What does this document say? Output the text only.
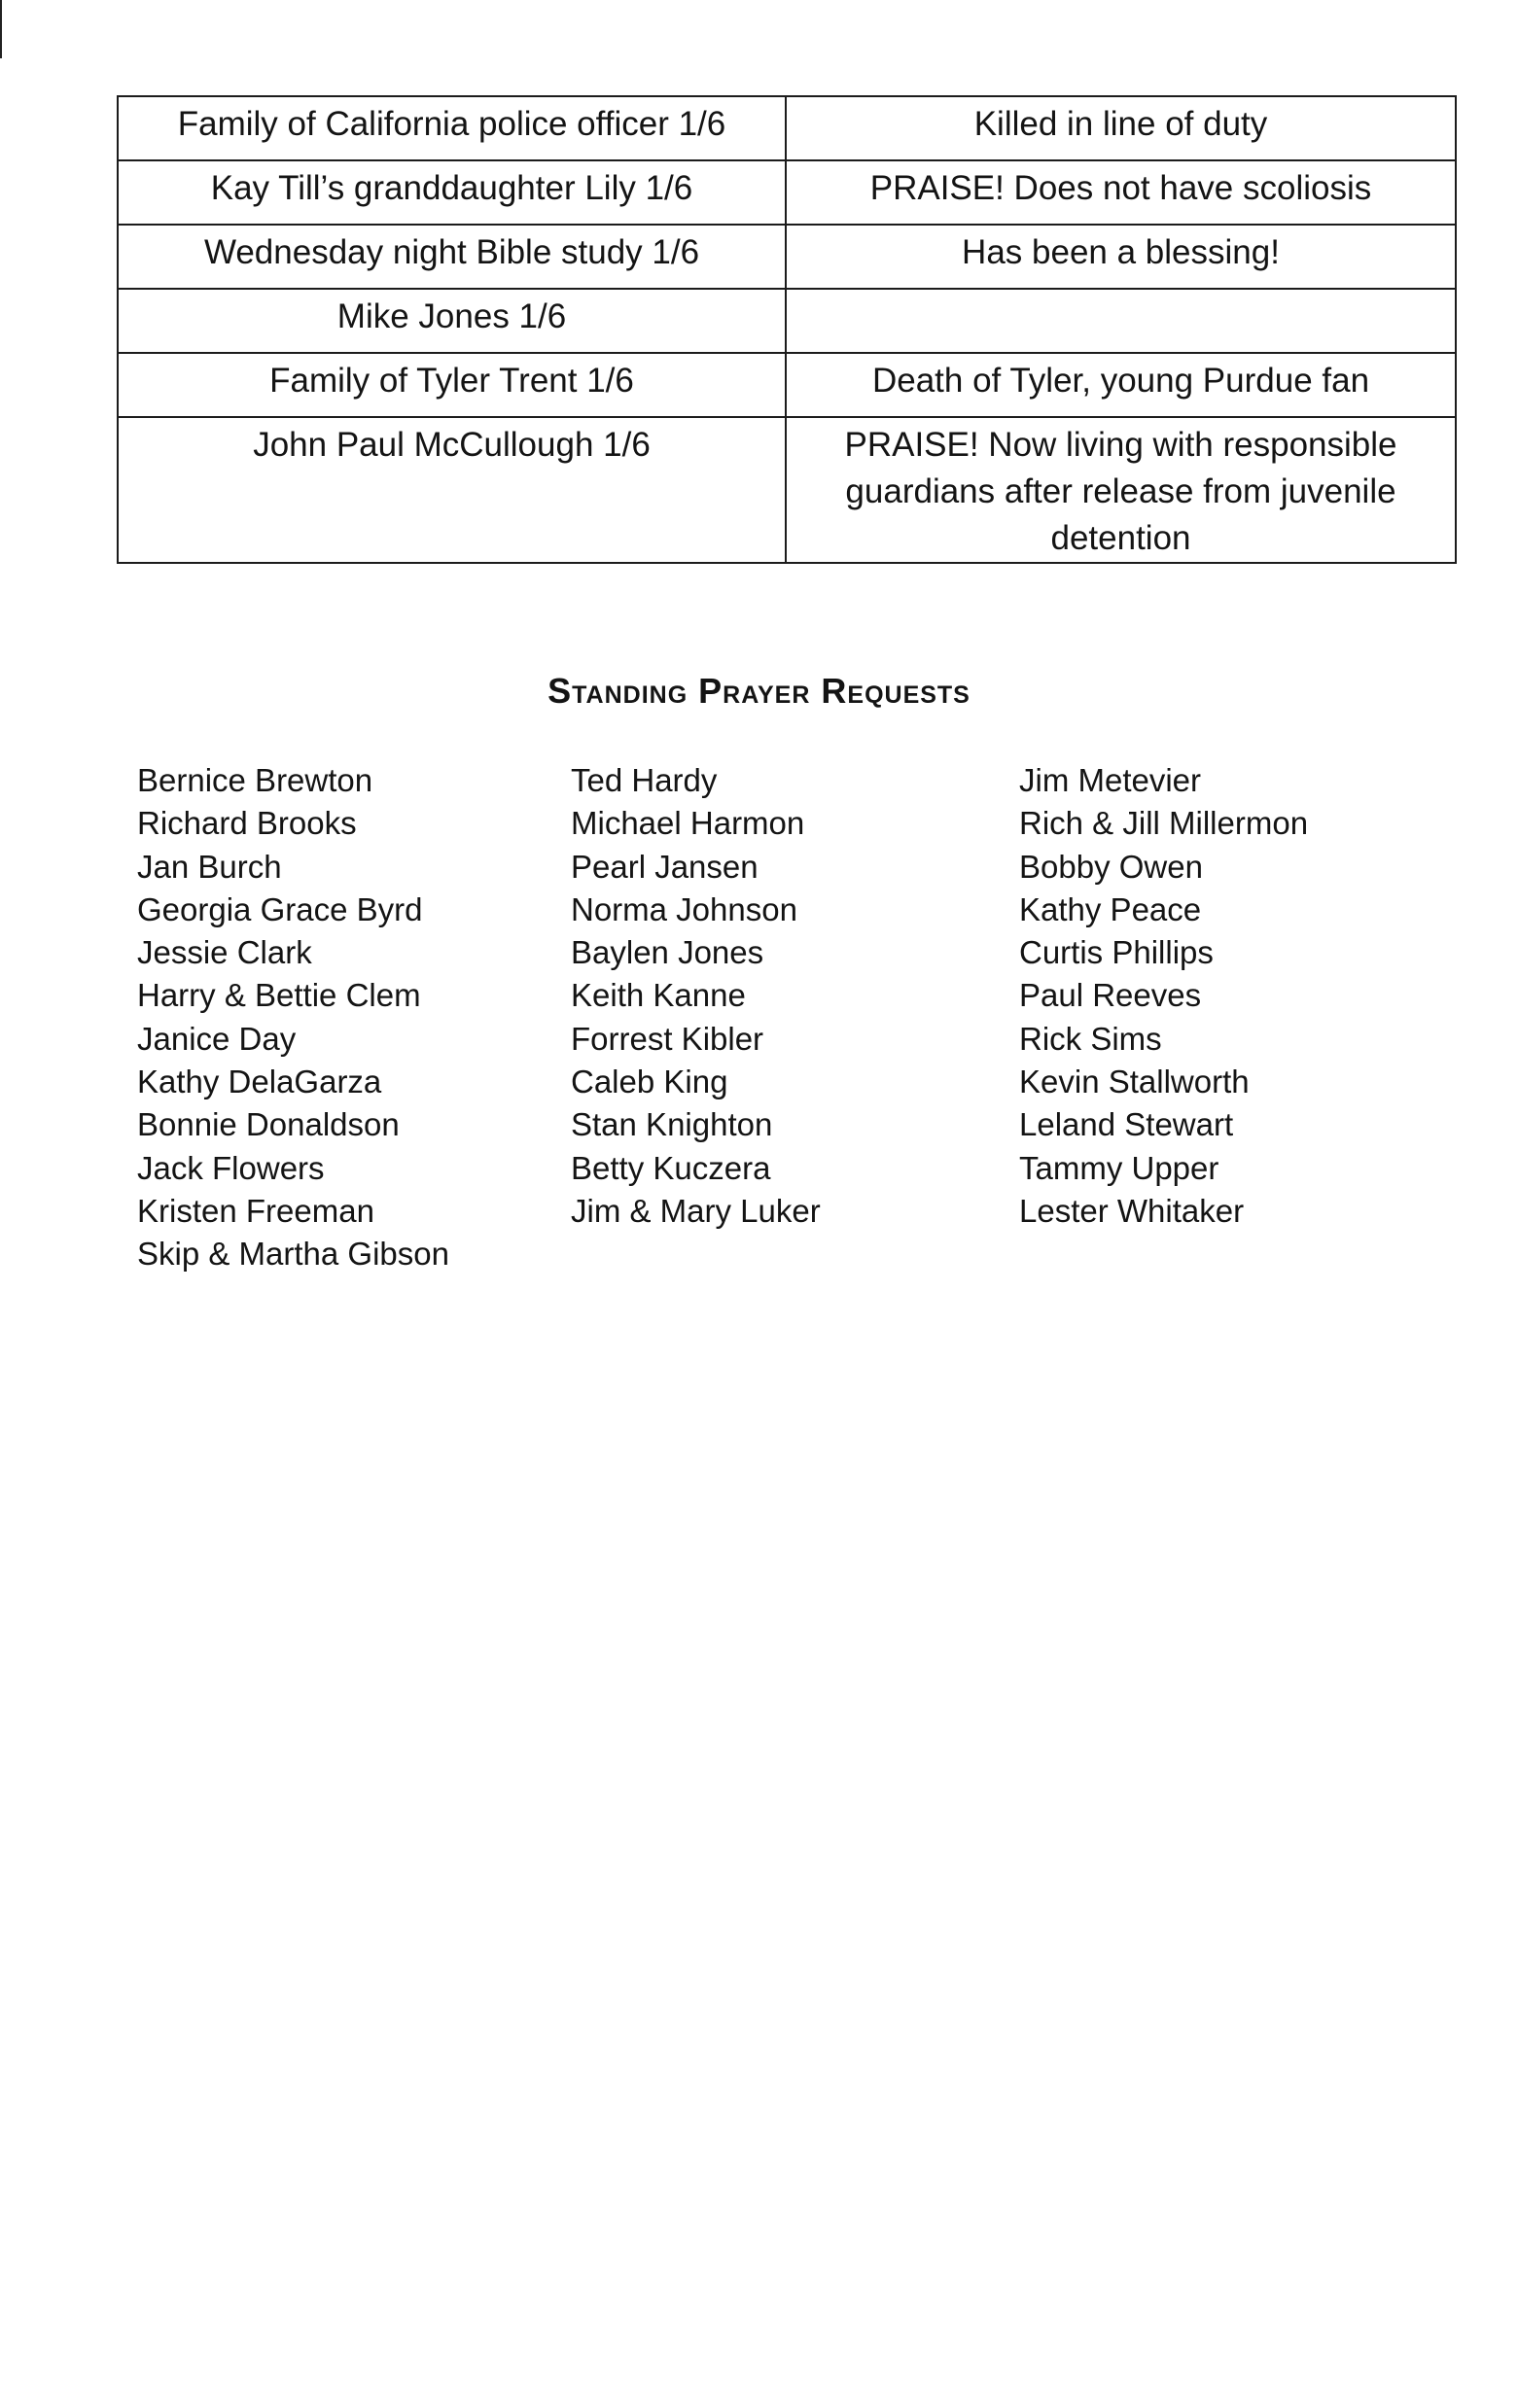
Family of California police officer 1/6	Killed in line of duty
Kay Till’s granddaughter Lily 1/6	PRAISE! Does not have scoliosis
Wednesday night Bible study 1/6	Has been a blessing!
Mike Jones 1/6	
Family of Tyler Trent 1/6	Death of Tyler, young Purdue fan
John Paul McCullough 1/6	PRAISE! Now living with responsible guardians after release from juvenile detention
Standing Prayer Requests
Bernice Brewton
Richard Brooks
Jan Burch
Georgia Grace Byrd
Jessie Clark
Harry & Bettie Clem
Janice Day
Kathy DelaGarza
Bonnie Donaldson
Jack Flowers
Kristen Freeman
Skip & Martha Gibson
Ted Hardy
Michael Harmon
Pearl Jansen
Norma Johnson
Baylen Jones
Keith Kanne
Forrest Kibler
Caleb King
Stan Knighton
Betty Kuczera
Jim & Mary Luker
Jim Metevier
Rich & Jill Millermon
Bobby Owen
Kathy Peace
Curtis Phillips
Paul Reeves
Rick Sims
Kevin Stallworth
Leland Stewart
Tammy Upper
Lester Whitaker
